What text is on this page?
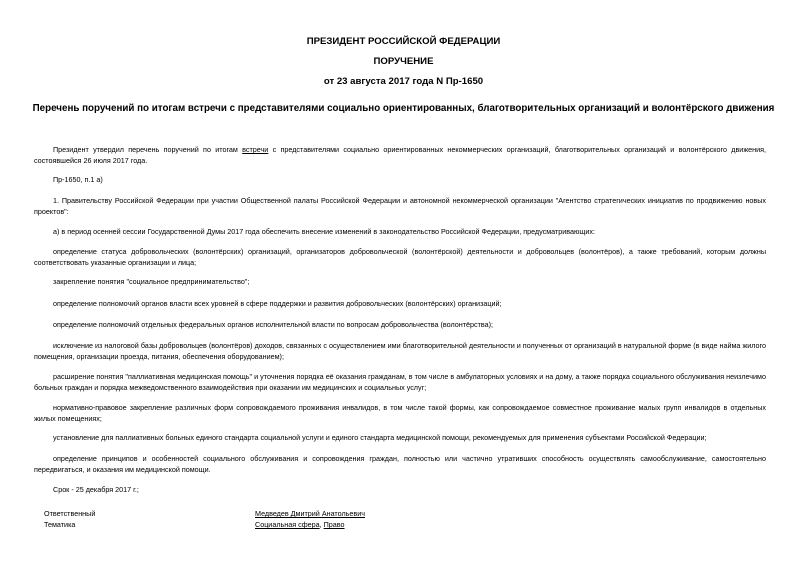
ПРЕЗИДЕНТ РОССИЙСКОЙ ФЕДЕРАЦИИ
ПОРУЧЕНИЕ
от 23 августа 2017 года N Пр-1650
Перечень поручений по итогам встречи с представителями социально ориентированных, благотворительных организаций и волонтёрского движения

Президент утвердил перечень поручений по итогам встречи с представителями социально ориентированных некоммерческих организаций, благотворительных организаций и волонтёрского движения, состоявшейся 26 июля 2017 года.

Пр-1650, п.1 а)

1. Правительству Российской Федерации при участии Общественной палаты Российской Федерации и автономной некоммерческой организации "Агентство стратегических инициатив по продвижению новых проектов":

а) в период осенней сессии Государственной Думы 2017 года обеспечить внесение изменений в законодательство Российской Федерации, предусматривающих:

определение статуса добровольческих (волонтёрских) организаций, организаторов добровольческой (волонтёрской) деятельности и добровольцев (волонтёров), а также требований, которым должны соответствовать указанные организации и лица;

закрепление понятия "социальное предпринимательство";

определение полномочий органов власти всех уровней в сфере поддержки и развития добровольческих (волонтёрских) организаций;

определение полномочий отдельных федеральных органов исполнительной власти по вопросам добровольчества (волонтёрства);

исключение из налоговой базы добровольцев (волонтёров) доходов, связанных с осуществлением ими благотворительной деятельности и полученных от организаций в натуральной форме (в виде найма жилого помещения, организации проезда, питания, обеспечения оборудованием);

расширение понятия "паллиативная медицинская помощь" и уточнения порядка её оказания гражданам, в том числе в амбулаторных условиях и на дому, а также порядка социального обслуживания неизлечимо больных граждан и порядка межведомственного взаимодействия при оказании им медицинских и социальных услуг;

нормативно-правовое закрепление различных форм сопровождаемого проживания инвалидов, в том числе такой формы, как сопровождаемое совместное проживание малых групп инвалидов в отдельных жилых помещениях;

установление для паллиативных больных единого стандарта социальной услуги и единого стандарта медицинской помощи, рекомендуемых для применения субъектами Российской Федерации;

определение принципов и особенностей социального обслуживания и сопровождения граждан, полностью или частично утративших способность осуществлять самообслуживание, самостоятельно передвигаться, и оказания им медицинской помощи.

Срок - 25 декабря 2017 г.;

Ответственный	Медведев Дмитрий Анатольевич
Тематика	Социальная сфера, Право
